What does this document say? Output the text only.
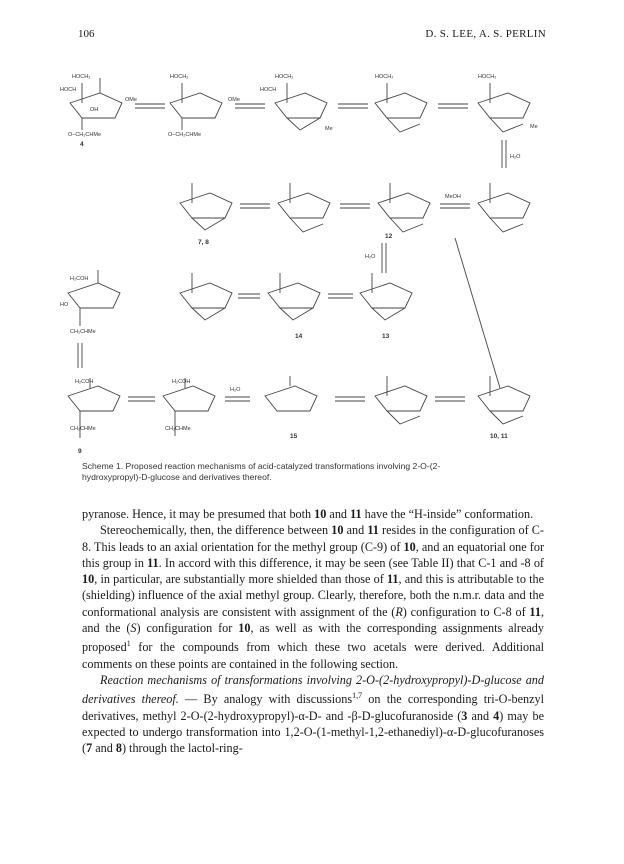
106	D. S. LEE, A. S. PERLIN
HOCH₂	HOCH₂	HOCH₂	HOCH₂	HOCH₂
HOCH	HOCH
OMe	OMe
OH
O–CH₂CHMe	O–CH₂CHMe
Me	Me
H₂O
MeOH
H₂O
H₂COH
HO
CH₂CHMe
H₂COH	H₂COH
H₂O
CH₂CHMe	CH₂CHMe
4
7, 8
12
14	13
9
15	10, 11
Scheme 1. Proposed reaction mechanisms of acid-catalyzed transformations involving 2-O-(2-
hydroxypropyl)-D-glucose and derivatives thereof.

pyranose. Hence, it may be presumed that both 10 and 11 have the “H-inside” conformation.

Stereochemically, then, the difference between 10 and 11 resides in the configuration of C-8. This leads to an axial orientation for the methyl group (C-9) of 10, and an equatorial one for this group in 11. In accord with this difference, it may be seen (see Table II) that C-1 and -8 of 10, in particular, are substantially more shielded than those of 11, and this is attributable to the (shielding) influence of the axial methyl group. Clearly, therefore, both the n.m.r. data and the conformational analysis are consistent with assignment of the (R) configuration to C-8 of 11, and the (S) configuration for 10, as well as with the corresponding assignments already proposed$^1$ for the compounds from which these two acetals were derived. Additional comments on these points are contained in the following section.

Reaction mechanisms of transformations involving 2-O-(2-hydroxypropyl)-D-glucose and derivatives thereof. — By analogy with discussions$^{1,7}$ on the corresponding tri-O-benzyl derivatives, methyl 2-O-(2-hydroxypropyl)-α-D- and -β-D-glucofuranoside (3 and 4) may be expected to undergo transformation into 1,2-O-(1-methyl-1,2-ethanediyl)-α-D-glucofuranoses (7 and 8) through the lactol-ring-
